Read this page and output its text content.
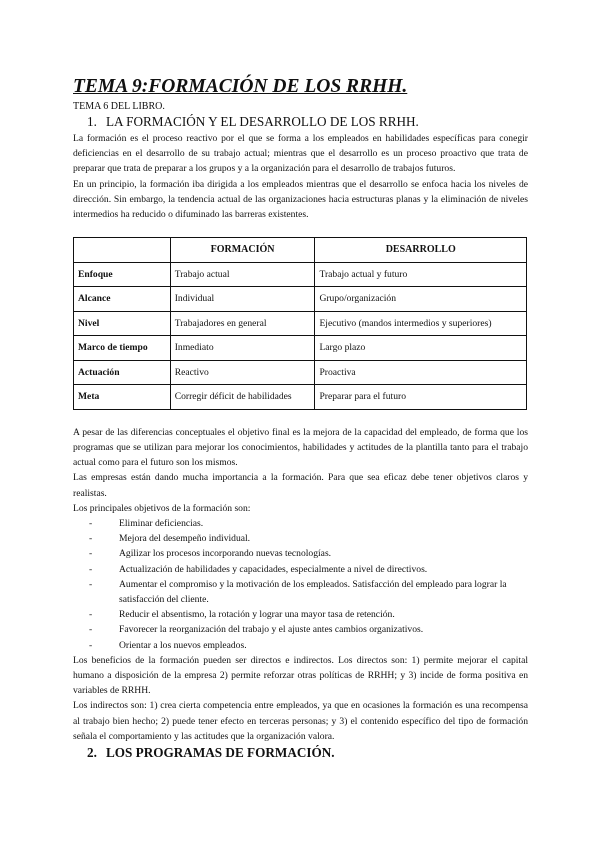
TEMA 9:FORMACIÓN DE LOS RRHH.
TEMA 6 DEL LIBRO.
1. LA FORMACIÓN Y EL DESARROLLO DE LOS RRHH.

La formación es el proceso reactivo por el que se forma a los empleados en habilidades específicas para conegir deficiencias en el desarrollo de su trabajo actual; mientras que el desarrollo es un proceso proactivo que trata de preparar que trata de preparar a los grupos y a la organización para el desarrollo de trabajos futuros.

En un principio, la formación iba dirigida a los empleados mientras que el desarrollo se enfoca hacia los niveles de dirección. Sin embargo, la tendencia actual de las organizaciones hacia estructuras planas y la eliminación de niveles intermedios ha reducido o difuminado las barreras existentes.

	FORMACIÓN	DESARROLLO
Enfoque	Trabajo actual	Trabajo actual y futuro
Alcance	Individual	Grupo/organización
Nivel	Trabajadores en general	Ejecutivo (mandos intermedios y superiores)
Marco de tiempo	Inmediato	Largo plazo
Actuación	Reactivo	Proactiva
Meta	Corregir déficit de habilidades	Preparar para el futuro

A pesar de las diferencias conceptuales el objetivo final es la mejora de la capacidad del empleado, de forma que los programas que se utilizan para mejorar los conocimientos, habilidades y actitudes de la plantilla tanto para el trabajo actual como para el futuro son los mismos.

Las empresas están dando mucha importancia a la formación. Para que sea eficaz debe tener objetivos claros y realistas.

Los principales objetivos de la formación son:

-	Eliminar deficiencias.
-	Mejora del desempeño individual.
-	Agilizar los procesos incorporando nuevas tecnologías.
-	Actualización de habilidades y capacidades, especialmente a nivel de directivos.
-	Aumentar el compromiso y la motivación de los empleados. Satisfacción del empleado para lograr la satisfacción del cliente.
-	Reducir el absentismo, la rotación y lograr una mayor tasa de retención.
-	Favorecer la reorganización del trabajo y el ajuste antes cambios organizativos.
-	Orientar a los nuevos empleados.

Los beneficios de la formación pueden ser directos e indirectos. Los directos son: 1) permite mejorar el capital humano a disposición de la empresa 2) permite reforzar otras políticas de RRHH; y 3) incide de forma positiva en variables de RRHH.

Los indirectos son: 1) crea cierta competencia entre empleados, ya que en ocasiones la formación es una recompensa al trabajo bien hecho; 2) puede tener efecto en terceras personas; y 3) el contenido específico del tipo de formación señala el comportamiento y las actitudes que la organización valora.

2. LOS PROGRAMAS DE FORMACIÓN.
